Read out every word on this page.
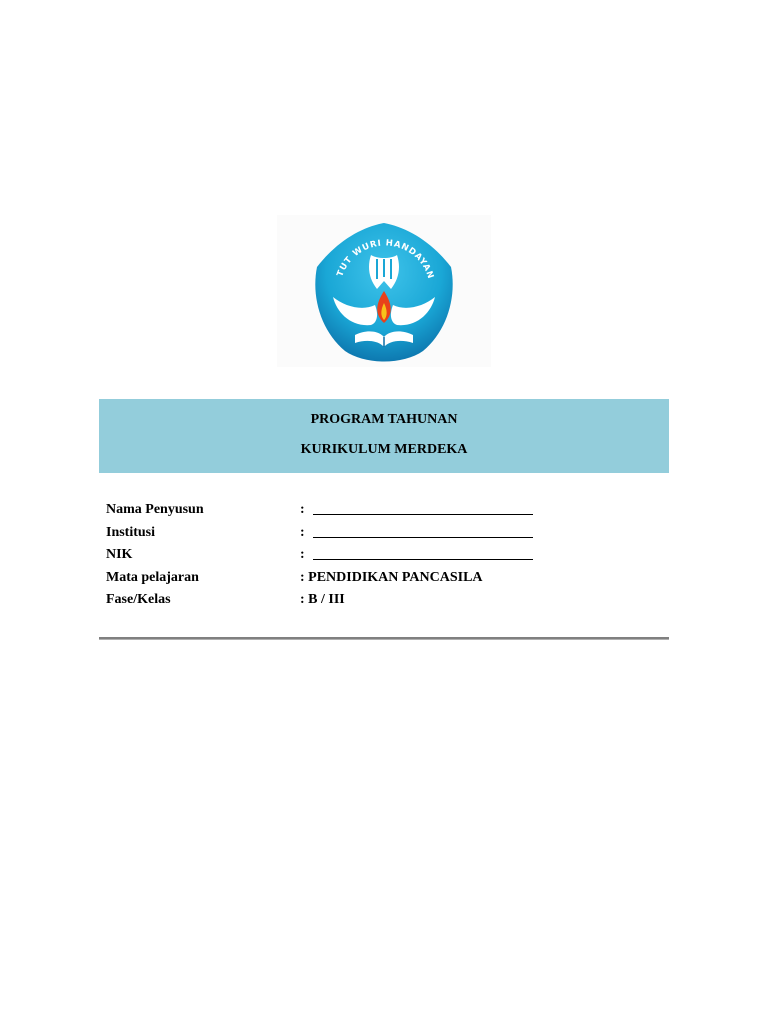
TUT WURI HANDAYAN
PROGRAM TAHUNAN
KURIKULUM MERDEKA
Nama Penyusun	:
Institusi	:
NIK	:
Mata pelajaran	: PENDIDIKAN PANCASILA
Fase/Kelas	: B / III
